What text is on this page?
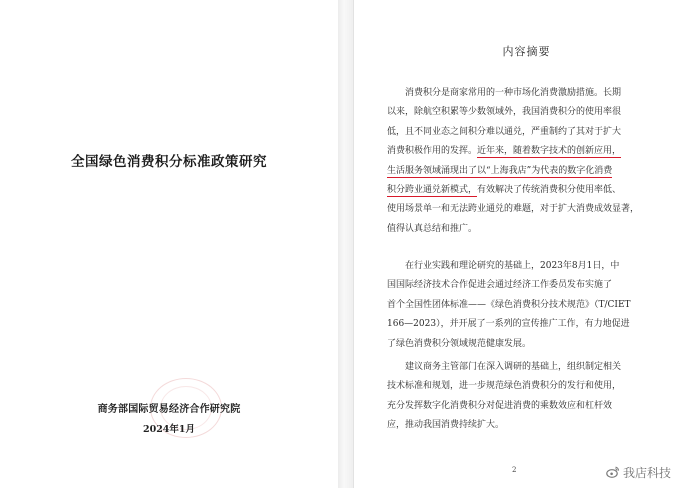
全国绿色消费积分标准政策研究
商务部国际贸易经济合作研究院
2024年1月
内容摘要
消费积分是商家常用的一种市场化消费激励措施。长期
以来，除航空积累等少数领域外，我国消费积分的使用率很
低，且不同业态之间积分难以通兑，严重制约了其对于扩大
消费积极作用的发挥。近年来，随着数字技术的创新应用，
生活服务领域涌现出了以“上海我店”为代表的数字化消费
积分跨业通兑新模式，有效解决了传统消费积分使用率低、
使用场景单一和无法跨业通兑的难题，对于扩大消费成效显著，
值得认真总结和推广。
在行业实践和理论研究的基础上，2023年8月1日，中
国国际经济技术合作促进会通过经济工作委员发布实施了
首个全国性团体标准——《绿色消费积分技术规范》（T/CIET
166—2023），并开展了一系列的宣传推广工作，有力地促进
了绿色消费积分领域规范健康发展。
建议商务主管部门在深入调研的基础上，组织制定相关
技术标准和规划，进一步规范绿色消费积分的发行和使用，
充分发挥数字化消费积分对促进消费的乘数效应和杠杆效
应，推动我国消费持续扩大。
2	我店科技
